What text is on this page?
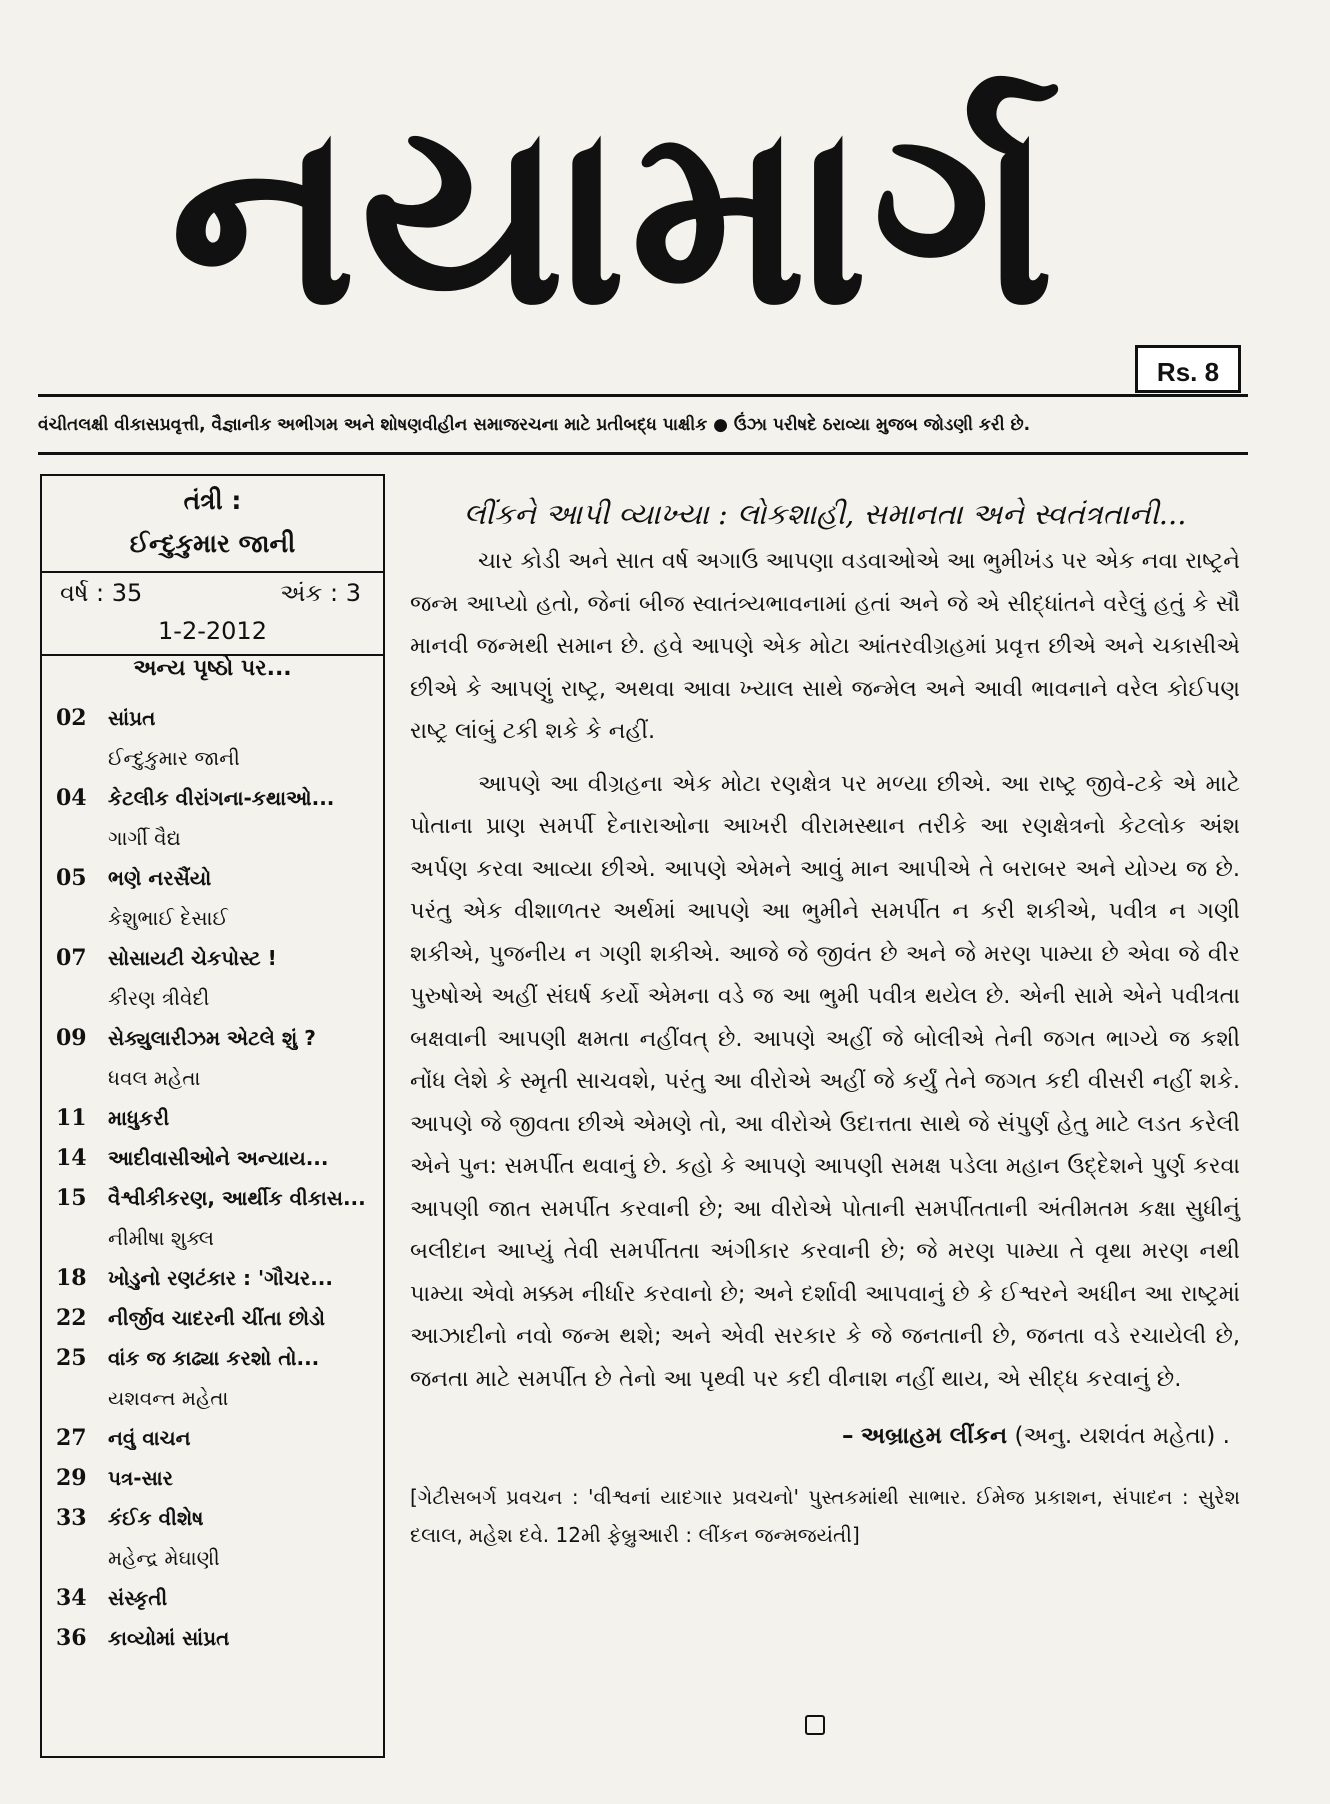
નયામાર્ગ
Rs. 8
વંચીતલક્ષી વીકાસપ્રવૃત્તી, વૈજ્ઞાનીક અભીગમ અને શોષણવીહીન સમાજરચના માટે પ્રતીબદ્ધ પાક્ષીક ● ઉંઝા પરીષદે ઠરાવ્યા મુજબ જોડણી કરી છે.
તંત્રી :
ઈન્દુકુમાર જાની
વર્ષ : 35	અંક : 3
1-2-2012
અન્ય પૃષ્ઠો પર...
02	સાંપ્રત
ઈન્દુકુમાર જાની
04	કેટલીક વીરાંગના-કથાઓ...
ગાર્ગી વૈદ્ય
05	ભણે નરસૈંયો
કેશુભાઈ દેસાઈ
07	સોસાયટી ચેકપોસ્ટ !
કીરણ ત્રીવેદી
09	સેક્યુલારીઝમ એટલે શું ?
ધવલ મહેતા
11	માધુકરી
14	આદીવાસીઓને અન્યાય...
15	વૈશ્વીકીકરણ, આર્થીક વીકાસ...
નીમીષા શુક્લ
18	ખોડુનો રણટંકાર : 'ગૌચર...
22	નીર્જીવ ચાદરની ચીંતા છોડો
25	વાંક જ કાઢ્યા કરશો તો...
યશવન્ત મહેતા
27	નવું વાચન
29	પત્ર-સાર
33	કંઈક વીશેષ
મહેન્દ્ર મેઘાણી
34	સંસ્કૃતી
36	કાવ્યોમાં સાંપ્રત
લીંકને આપી વ્યાખ્યા : લોકશાહી, સમાનતા અને સ્વતંત્રતાની...

ચાર કોડી અને સાત વર્ષ અગાઉ આપણા વડવાઓએ આ ભુમીખંડ પર એક નવા રાષ્ટ્રને જન્મ આપ્યો હતો, જેનાં બીજ સ્વાતંત્ર્યભાવનામાં હતાં અને જે એ સીદ્ધાંતને વરેલું હતું કે સૌ માનવી જન્મથી સમાન છે. હવે આપણે એક મોટા આંતરવીગ્રહમાં પ્રવૃત્ત છીએ અને ચકાસીએ છીએ કે આપણું રાષ્ટ્ર, અથવા આવા ખ્યાલ સાથે જન્મેલ અને આવી ભાવનાને વરેલ કોઈપણ રાષ્ટ્ર લાંબું ટકી શકે કે નહીં.

આપણે આ વીગ્રહના એક મોટા રણક્ષેત્ર પર મળ્યા છીએ. આ રાષ્ટ્ર જીવે-ટકે એ માટે પોતાના પ્રાણ સમર્પી દેનારાઓના આખરી વીરામસ્થાન તરીકે આ રણક્ષેત્રનો કેટલોક અંશ અર્પણ કરવા આવ્યા છીએ. આપણે એમને આવું માન આપીએ તે બરાબર અને યોગ્ય જ છે. પરંતુ એક વીશાળતર અર્થમાં આપણે આ ભુમીને સમર્પીત ન કરી શકીએ, પવીત્ર ન ગણી શકીએ, પુજનીય ન ગણી શકીએ. આજે જે જીવંત છે અને જે મરણ પામ્યા છે એવા જે વીર પુરુષોએ અહીં સંઘર્ષ કર્યો એમના વડે જ આ ભુમી પવીત્ર થયેલ છે. એની સામે એને પવીત્રતા બક્ષવાની આપણી ક્ષમતા નહીંવત્ છે. આપણે અહીં જે બોલીએ તેની જગત ભાગ્યે જ કશી નોંધ લેશે કે સ્મૃતી સાચવશે, પરંતુ આ વીરોએ અહીં જે કર્યું તેને જગત કદી વીસરી નહીં શકે. આપણે જે જીવતા છીએ એમણે તો, આ વીરોએ ઉદાત્તતા સાથે જે સંપુર્ણ હેતુ માટે લડત કરેલી એને પુન: સમર્પીત થવાનું છે. કહો કે આપણે આપણી સમક્ષ પડેલા મહાન ઉદ્દેશને પુર્ણ કરવા આપણી જાત સમર્પીત કરવાની છે; આ વીરોએ પોતાની સમર્પીતતાની અંતીમતમ કક્ષા સુધીનું બલીદાન આપ્યું તેવી સમર્પીતતા અંગીકાર કરવાની છે; જે મરણ પામ્યા તે વૃથા મરણ નથી પામ્યા એવો મક્કમ નીર્ધાર કરવાનો છે; અને દર્શાવી આપવાનું છે કે ઈશ્વરને અધીન આ રાષ્ટ્રમાં આઝાદીનો નવો જન્મ થશે; અને એવી સરકાર કે જે જનતાની છે, જનતા વડે રચાયેલી છે, જનતા માટે સમર્પીત છે તેનો આ પૃથ્વી પર કદી વીનાશ નહીં થાય, એ સીદ્ધ કરવાનું છે.

– અબ્રાહમ લીંકન (અનુ. યશવંત મહેતા) .
[ગેટીસબર્ગ પ્રવચન : 'વીશ્વનાં યાદગાર પ્રવચનો' પુસ્તકમાંથી સાભાર. ઈમેજ પ્રકાશન, સંપાદન : સુરેશ દલાલ, મહેશ દવે. 12મી ફેબ્રુઆરી : લીંકન જન્મજયંતી]
